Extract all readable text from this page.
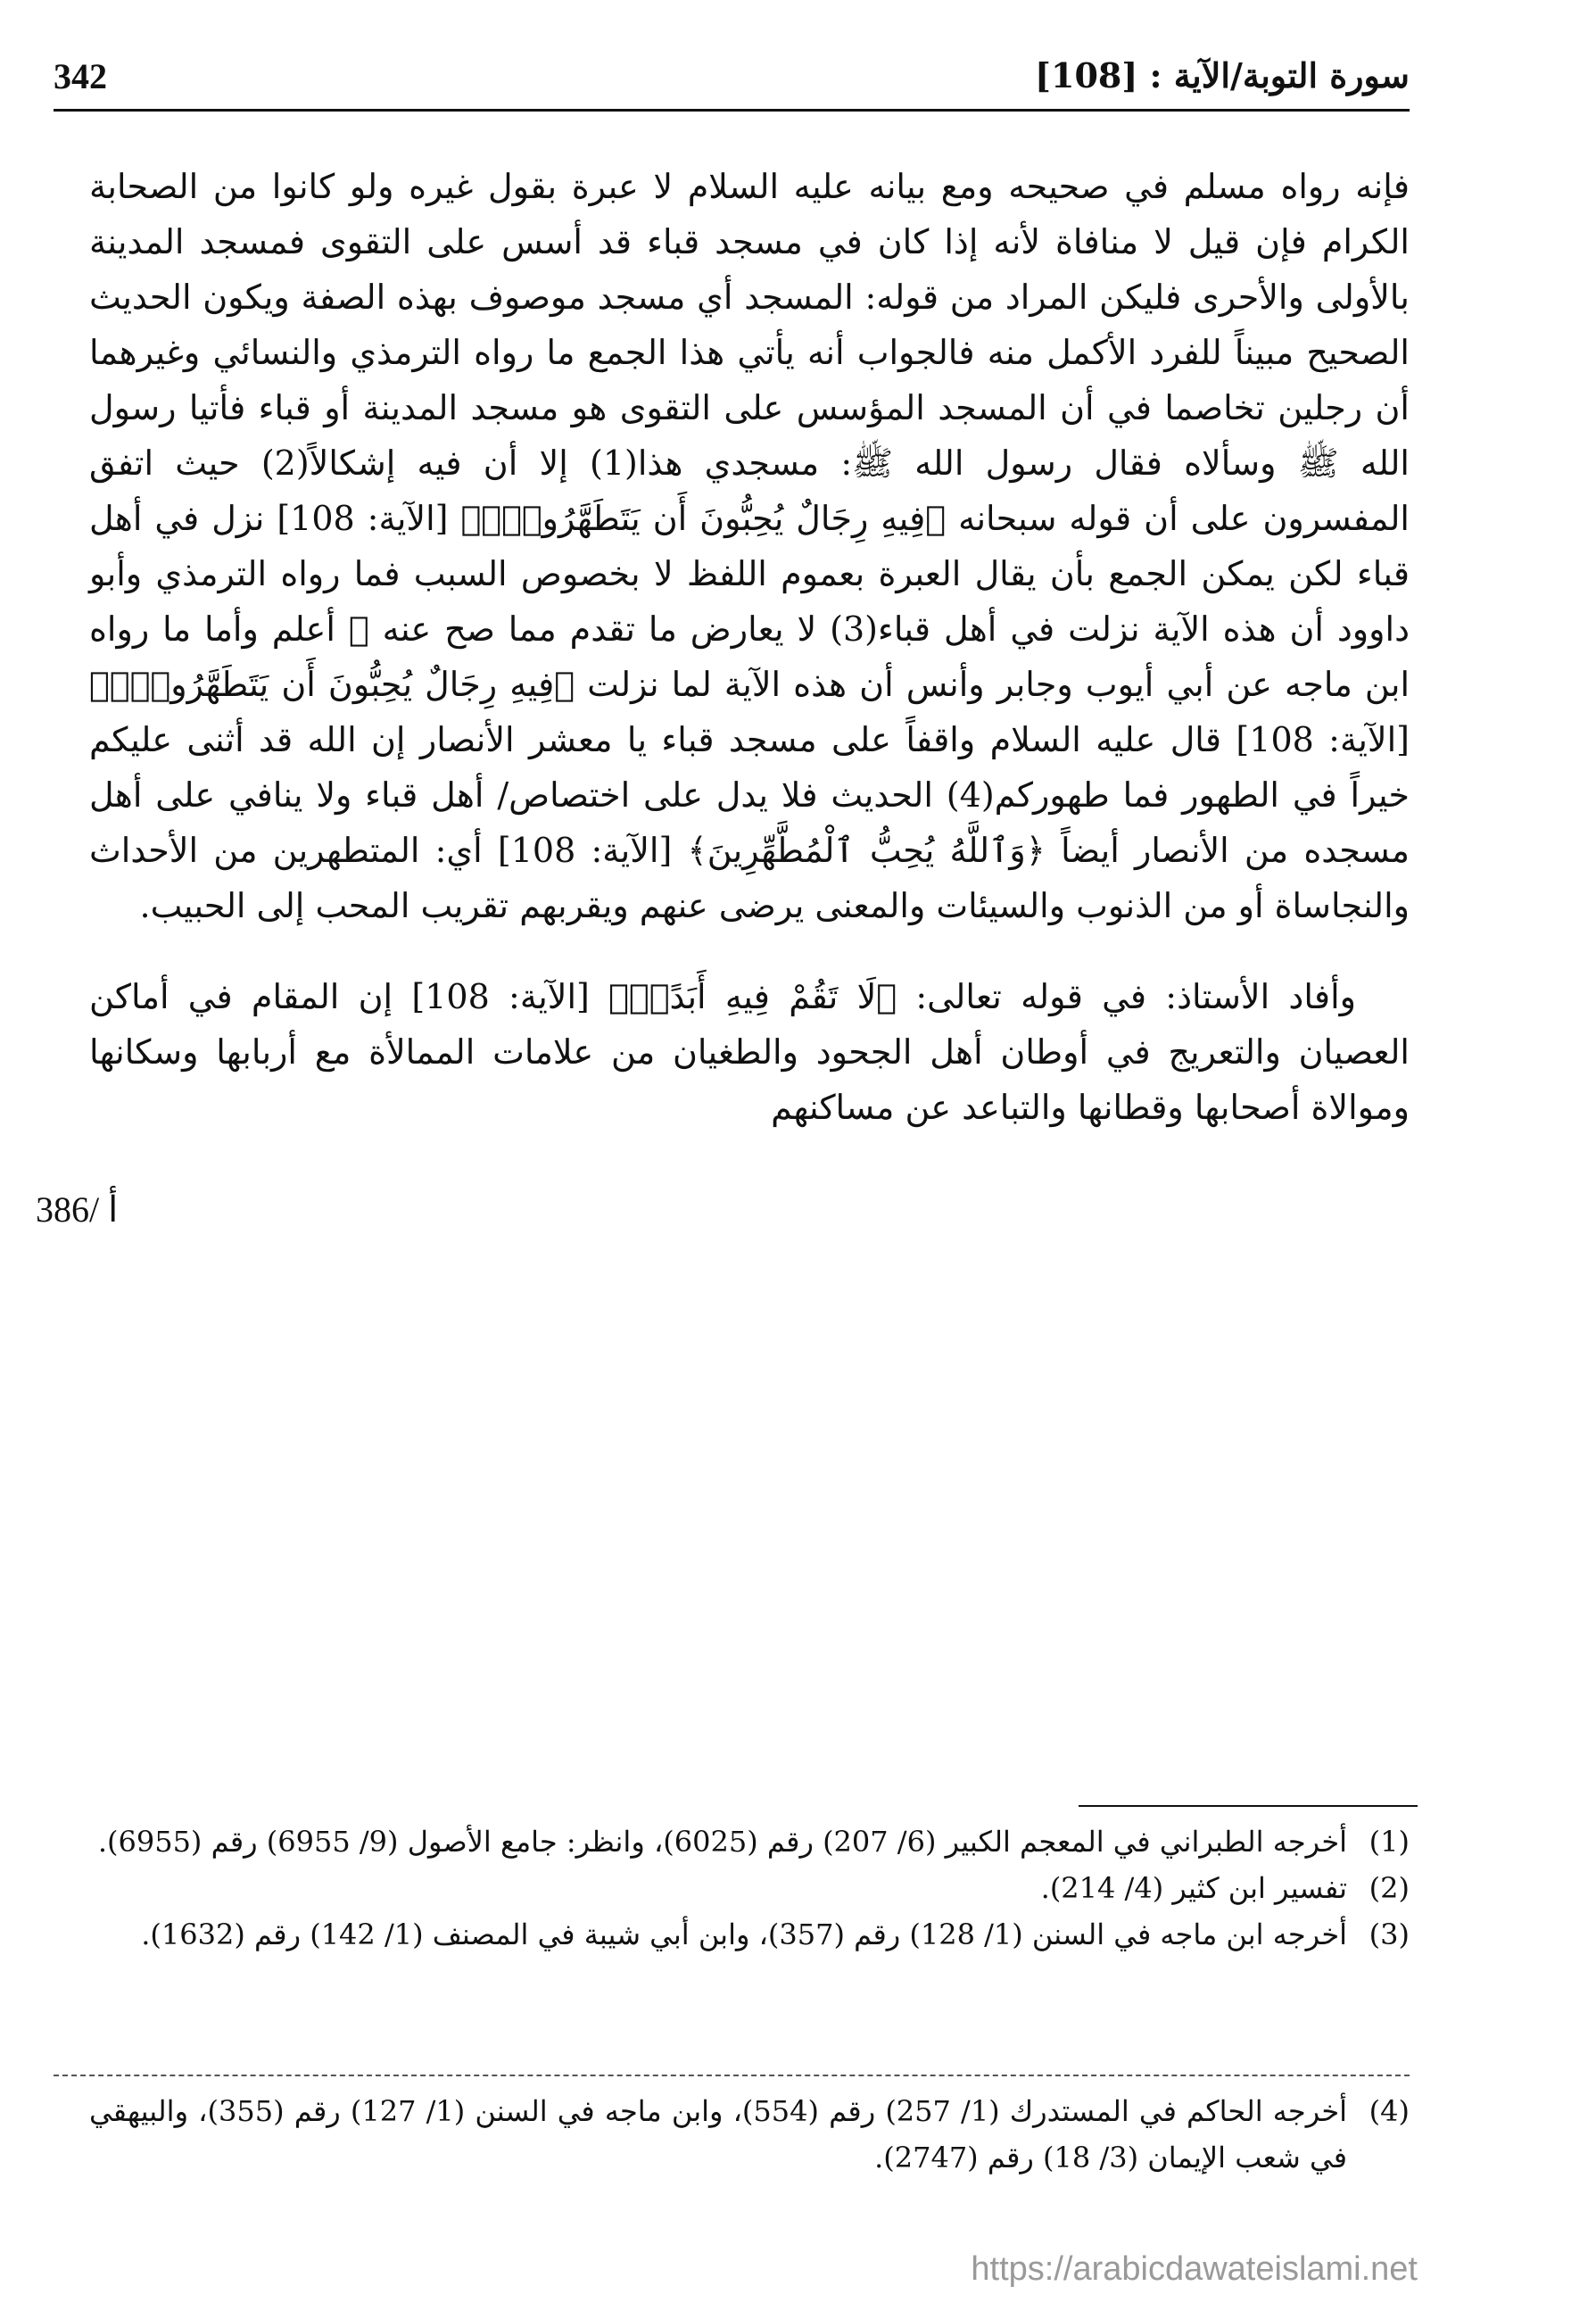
342	سورة التوبة/الآية : [108]

فإنه رواه مسلم في صحيحه ومع بيانه عليه السلام لا عبرة بقول غيره ولو كانوا من الصحابة الكرام فإن قيل لا منافاة لأنه إذا كان في مسجد قباء قد أسس على التقوى فمسجد المدينة بالأولى والأحرى فليكن المراد من قوله: المسجد أي مسجد موصوف بهذه الصفة ويكون الحديث الصحيح مبيناً للفرد الأكمل منه فالجواب أنه يأتي هذا الجمع ما رواه الترمذي والنسائي وغيرهما أن رجلين تخاصما في أن المسجد المؤسس على التقوى هو مسجد المدينة أو قباء فأتيا رسول الله ﷺ وسألاه فقال رسول الله ﷺ: مسجدي هذا(1) إلا أن فيه إشكالاً(2) حيث اتفق المفسرون على أن قوله سبحانه ﴿فِيهِ رِجَالٌ يُحِبُّونَ أَن يَتَطَهَّرُوا۟ۚ﴾ [الآية: 108] نزل في أهل قباء لكن يمكن الجمع بأن يقال العبرة بعموم اللفظ لا بخصوص السبب فما رواه الترمذي وأبو داوود أن هذه الآية نزلت في أهل قباء(3) لا يعارض ما تقدم مما صح عنه ﷺ أعلم وأما ما رواه ابن ماجه عن أبي أيوب وجابر وأنس أن هذه الآية لما نزلت ﴿فِيهِ رِجَالٌ يُحِبُّونَ أَن يَتَطَهَّرُوا۟ۚ﴾ [الآية: 108] قال عليه السلام واقفاً على مسجد قباء يا معشر الأنصار إن الله قد أثنى عليكم خيراً في الطهور فما طهوركم(4) الحديث فلا يدل على اختصاص/ أهل قباء ولا ينافي على أهل مسجده من الأنصار أيضاً ﴿وَٱللَّهُ يُحِبُّ ٱلْمُطَّهِّرِينَ﴾ [الآية: 108] أي: المتطهرين من الأحداث والنجاساة أو من الذنوب والسيئات والمعنى يرضى عنهم ويقربهم تقريب المحب إلى الحبيب.

وأفاد الأستاذ: في قوله تعالى: ﴿لَا تَقُمْ فِيهِ أَبَدًاۚ﴾ [الآية: 108] إن المقام في أماكن العصيان والتعريج في أوطان أهل الجحود والطغيان من علامات الممالأة مع أربابها وسكانها وموالاة أصحابها وقطانها والتباعد عن مساكنهم

386/ أ
(1)
أخرجه الطبراني في المعجم الكبير (6/ 207) رقم (6025)، وانظر: جامع الأصول (9/ 6955) رقم (6955).
(2)
تفسير ابن كثير (4/ 214).
(3)
أخرجه ابن ماجه في السنن (1/ 128) رقم (357)، وابن أبي شيبة في المصنف (1/ 142) رقم (1632).
(4)
أخرجه الحاكم في المستدرك (1/ 257) رقم (554)، وابن ماجه في السنن (1/ 127) رقم (355)، والبيهقي في شعب الإيمان (3/ 18) رقم (2747).
https://arabicdawateislami.net
